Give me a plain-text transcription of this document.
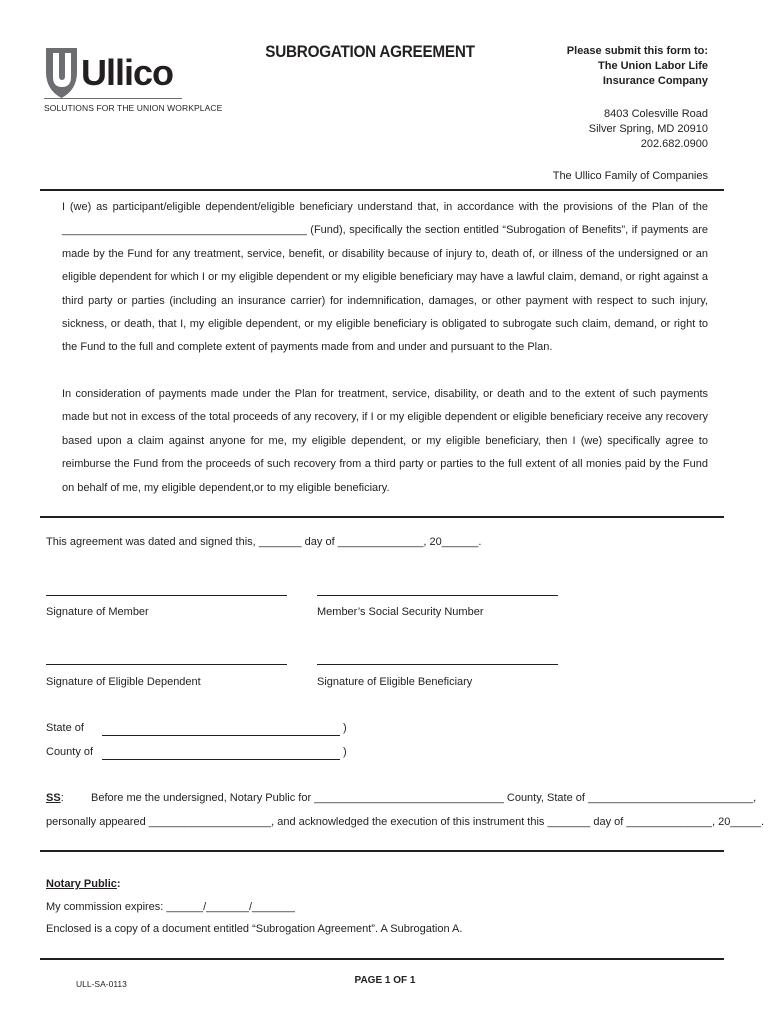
Ullico
SOLUTIONS FOR THE UNION WORKPLACE
SUBROGATION AGREEMENT	Please submit this form to:
The Union Labor Life
Insurance Company
8403 Colesville Road
Silver Spring, MD 20910
202.682.0900
The Ullico Family of Companies

I (we) as participant/eligible dependent/eligible beneficiary understand that, in accordance with the provisions of the Plan of the

________________________________________ (Fund), specifically the section entitled “Subrogation of Benefits”, if payments are made by the Fund for any treatment, service, benefit, or disability because of injury to, death of, or illness of the undersigned or an eligible dependent for which I or my eligible dependent or my eligible beneficiary may have a lawful claim, demand, or right against a third party or parties (including an insurance carrier) for indemnification, damages, or other payment with respect to such injury, sickness, or death, that I, my eligible dependent, or my eligible beneficiary is obligated to subrogate such claim, demand, or right to the Fund to the full and complete extent of payments made from and under and pursuant to the Plan.

In consideration of payments made under the Plan for treatment, service, disability, or death and to the extent of such payments made but not in excess of the total proceeds of any recovery, if I or my eligible dependent or eligible beneficiary receive any recovery based upon a claim against anyone for me, my eligible dependent, or my eligible beneficiary, then I (we) specifically agree to reimburse the Fund from the proceeds of such recovery from a third party or parties to the full extent of all monies paid by the Fund on behalf of me, my eligible dependent,or to my eligible beneficiary.

This agreement was dated and signed this, _______ day of ______________, 20______.
Signature of Member	Member’s Social Security Number
Signature of Eligible Dependent	Signature of Eligible Beneficiary
State of	)
County of	)
SS: Before me the undersigned, Notary Public for _______________________________ County, State of ___________________________,
personally appeared ____________________, and acknowledged the execution of this instrument this _______ day of ______________, 20_____.
Notary Public:
My commission expires: ______/_______/_______
Enclosed is a copy of a document entitled “Subrogation Agreement”. A Subrogation A.
ULL-SA-0113	PAGE 1 OF 1
